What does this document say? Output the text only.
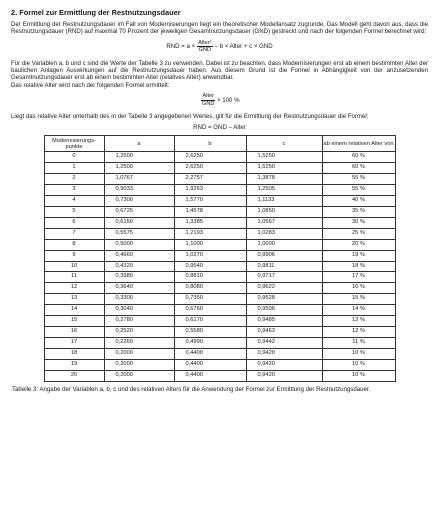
2. Formel zur Ermittlung der Restnutzungsdauer

Der Ermittlung der Restnutzungsdauer im Fall von Modernisierungen liegt ein theoretischer Modellansatz zugrunde. Das Modell geht davon aus, dass die Restnutzungsdauer (RND) auf maximal 70 Prozent der jeweiligen Gesamtnutzungsdauer (GND) gestreckt und nach der folgenden Formel berechnet wird:

RND = $a \times \frac{\text{Alter²}}{\text{GND}} - b$ × Alter + c × GND

Für die Variablen a, b und c sind die Werte der Tabelle 3 zu verwenden. Dabei ist zu beachten, dass Modernisierungen erst ab einem bestimmten Alter der baulichen Anlagen Auswirkungen auf die Restnutzungsdauer haben. Aus diesem Grund ist die Formel in Abhängigkeit von der anzusetzenden Gesamtnutzungsdauer erst ab einem bestimmten Alter (relatives Alter) anwendbar.

Das relative Alter wird nach der folgenden Formel ermittelt:

$\frac{\text{Alter}}{\text{GND}} \times 100$ %

Liegt das relative Alter unterhalb des in der Tabelle 3 angegebenen Wertes, gilt für die Ermittlung der Restnutzungsdauer die Formel:

RND = GND – Alter
Modernisierungs-punkte	a	b	c	ab einem relativen Alter von
0	1,2500	2,6250	1,5250	60 %
1	1,2500	2,6250	1,5250	60 %
2	1,0767	2,2757	1,3878	55 %
3	0,9033	1,9263	1,2505	55 %
4	0,7300	1,5770	1,1133	40 %
5	0,6725	1,4578	1,0850	35 %
6	0,6150	1,3385	1,0567	30 %
7	0,5575	1,2193	1,0283	25 %
8	0,5000	1,1000	1,0000	20 %
9	0,4660	1,0270	0,9906	19 %
10	0,4320	0,9540	0,9811	18 %
11	0,3980	0,8810	0,9717	17 %
12	0,3640	0,8080	0,9622	16 %
13	0,3300	0,7350	0,9528	15 %
14	0,3040	0,6760	0,9506	14 %
15	0,2780	0,6170	0,9485	13 %
16	0,2520	0,5580	0,9463	12 %
17	0,2260	0,4990	0,9442	11 %
18	0,2000	0,4400	0,9420	10 %
19	0,2000	0,4400	0,9420	10 %
20	0,2000	0,4400	0,9420	10 %
Tabelle 3: Angabe der Variablen a, b, c und des relativen Alters für die Anwendung der Formel zur Ermittlung der Restnutzungsdauer.
